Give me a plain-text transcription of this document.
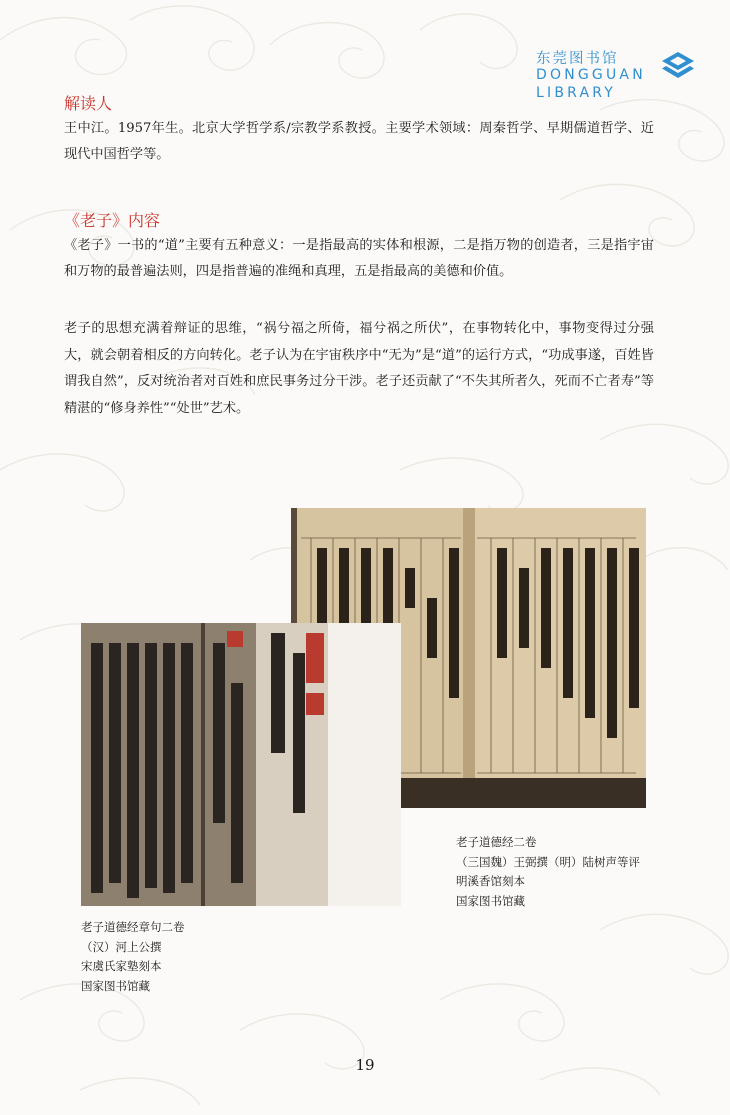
东莞图书馆
DONGGUAN
LIBRARY
解读人

王中江。1957年生。北京大学哲学系/宗教学系教授。主要学术领域：周秦哲学、早期儒道哲学、近现代中国哲学等。

《老子》内容

《老子》一书的“道”主要有五种意义：一是指最高的实体和根源，二是指万物的创造者，三是指宇宙和万物的最普遍法则，四是指普遍的准绳和真理，五是指最高的美德和价值。

老子的思想充满着辩证的思维，“祸兮福之所倚，福兮祸之所伏”，在事物转化中，事物变得过分强大，就会朝着相反的方向转化。老子认为在宇宙秩序中“无为”是“道”的运行方式，“功成事遂，百姓皆谓我自然”，反对统治者对百姓和庶民事务过分干涉。老子还贡献了“不失其所者久，死而不亡者寿”等精湛的“修身养性”“处世”艺术。

老子道德经二卷
（三国魏）王弼撰（明）陆树声等评
明溪香馆刻本
国家图书馆藏
老子道德经章句二卷
（汉）河上公撰
宋虞氏家塾刻本
国家图书馆藏
19
